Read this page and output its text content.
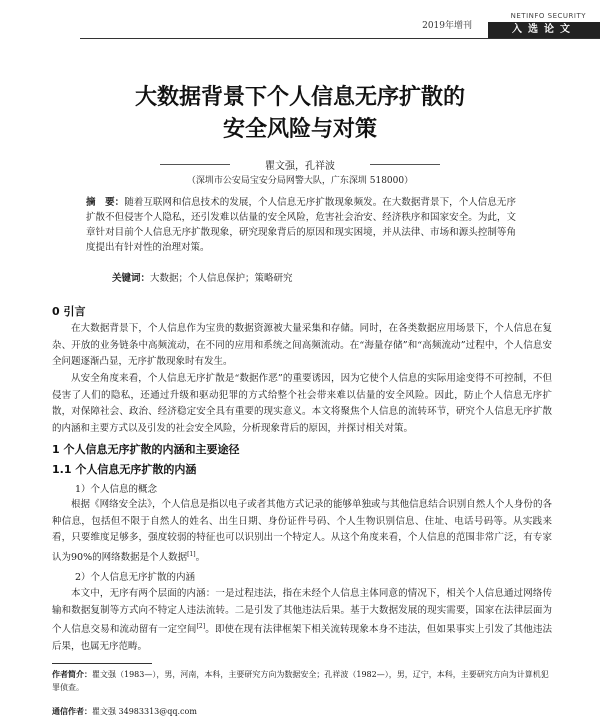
2019年增刊
NETINFO SECURITY
入选论文
大数据背景下个人信息无序扩散的
安全风险与对策
瞿文强，孔祥波
（深圳市公安局宝安分局网警大队，广东深圳 518000）
摘　要：随着互联网和信息技术的发展，个人信息无序扩散现象频发。在大数据背景下，个人信息无序扩散不但侵害个人隐私，还引发难以估量的安全风险，危害社会治安、经济秩序和国家安全。为此，文章针对目前个人信息无序扩散现象，研究现象背后的原因和现实困境，并从法律、市场和源头控制等角度提出有针对性的治理对策。
关键词：大数据；个人信息保护；策略研究
0 引言

在大数据背景下，个人信息作为宝贵的数据资源被大量采集和存储。同时，在各类数据应用场景下，个人信息在复杂、开放的业务链条中高频流动，在不同的应用和系统之间高频流动。在“海量存储”和“高频流动”过程中，个人信息安全问题逐渐凸显，无序扩散现象时有发生。

从安全角度来看，个人信息无序扩散是“数据作恶”的重要诱因，因为它使个人信息的实际用途变得不可控制，不但侵害了人们的隐私，还通过升级和驱动犯罪的方式给整个社会带来难以估量的安全风险。因此，防止个人信息无序扩散，对保障社会、政治、经济稳定安全具有重要的现实意义。本文将聚焦个人信息的流转环节，研究个人信息无序扩散的内涵和主要方式以及引发的社会安全风险，分析现象背后的原因，并探讨相关对策。

1 个人信息无序扩散的内涵和主要途径
1.1 个人信息无序扩散的内涵
1）个人信息的概念

根据《网络安全法》，个人信息是指以电子或者其他方式记录的能够单独或与其他信息结合识别自然人个人身份的各种信息，包括但不限于自然人的姓名、出生日期、身份证件号码、个人生物识别信息、住址、电话号码等。从实践来看，只要维度足够多，强度较弱的特征也可以识别出一个特定人。从这个角度来看，个人信息的范围非常广泛，有专家认为90%的网络数据是个人数据[1]。

2）个人信息无序扩散的内涵

本文中，无序有两个层面的内涵：一是过程违法，指在未经个人信息主体同意的情况下，相关个人信息通过网络传输和数据复制等方式向不特定人违法流转。二是引发了其他违法后果。基于大数据发展的现实需要，国家在法律层面为个人信息交易和流动留有一定空间[2]。即使在现有法律框架下相关流转现象本身不违法，但如果事实上引发了其他违法后果，也属无序范畴。

作者简介：瞿文强（1983—），男，河南，本科，主要研究方向为数据安全；孔祥波（1982—），男，辽宁，本科，主要研究方向为计算机犯罪侦查。
通信作者：瞿文强 34983313@qq.com
